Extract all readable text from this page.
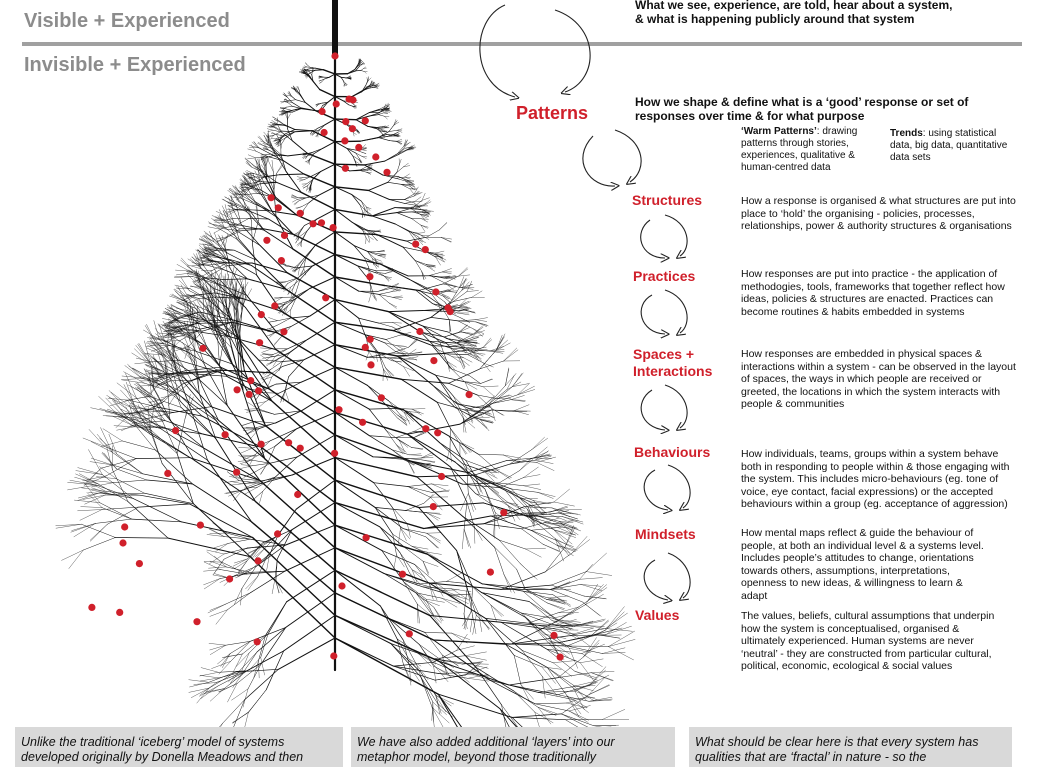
Visible + Experienced
Invisible + Experienced
What we see, experience, are told, hear about a system,
& what is happening publicly around that system
Patterns
Structures
Practices
Spaces +
Interactions
Behaviours
Mindsets
Values
How we shape & define what is a ‘good’ response or set of responses over time & for what purpose
‘Warm Patterns’: drawing patterns through stories, experiences, qualitative & human-centred data
Trends: using statistical data, big data, quantitative data sets
How a response is organised & what structures are put into place to ‘hold’ the organising - policies, processes, relationships, power & authority structures & organisations
How responses are put into practice - the application of methodogies, tools, frameworks that together reflect how ideas, policies & structures are enacted. Practices can become routines & habits embedded in systems
How responses are embedded in physical spaces & interactions within a system - can be observed in the layout of spaces, the ways in which people are received or greeted, the locations in which the system interacts with people & communities
How individuals, teams, groups within a system behave both in responding to people within & those engaging with the system. This includes micro-behaviours (eg. tone of voice, eye contact, facial expressions) or the accepted behaviours within a group (eg. acceptance of aggression)
How mental maps reflect & guide the behaviour of people, at both an individual level & a systems level. Includes people’s attitudes to change, orientations towards others, assumptions, interpretations, openness to new ideas, & willingness to learn & adapt
The values, beliefs, cultural assumptions that underpin how the system is conceptualised, organised & ultimately experienced. Human systems are never ‘neutral’ - they are constructed from particular cultural, political, economic, ecological & social values
Unlike the traditional ‘iceberg’ model of systems developed originally by Donella Meadows and then
We have also added additional ‘layers’ into our metaphor model, beyond those traditionally
What should be clear here is that every system has qualities that are ‘fractal’ in nature - so the
